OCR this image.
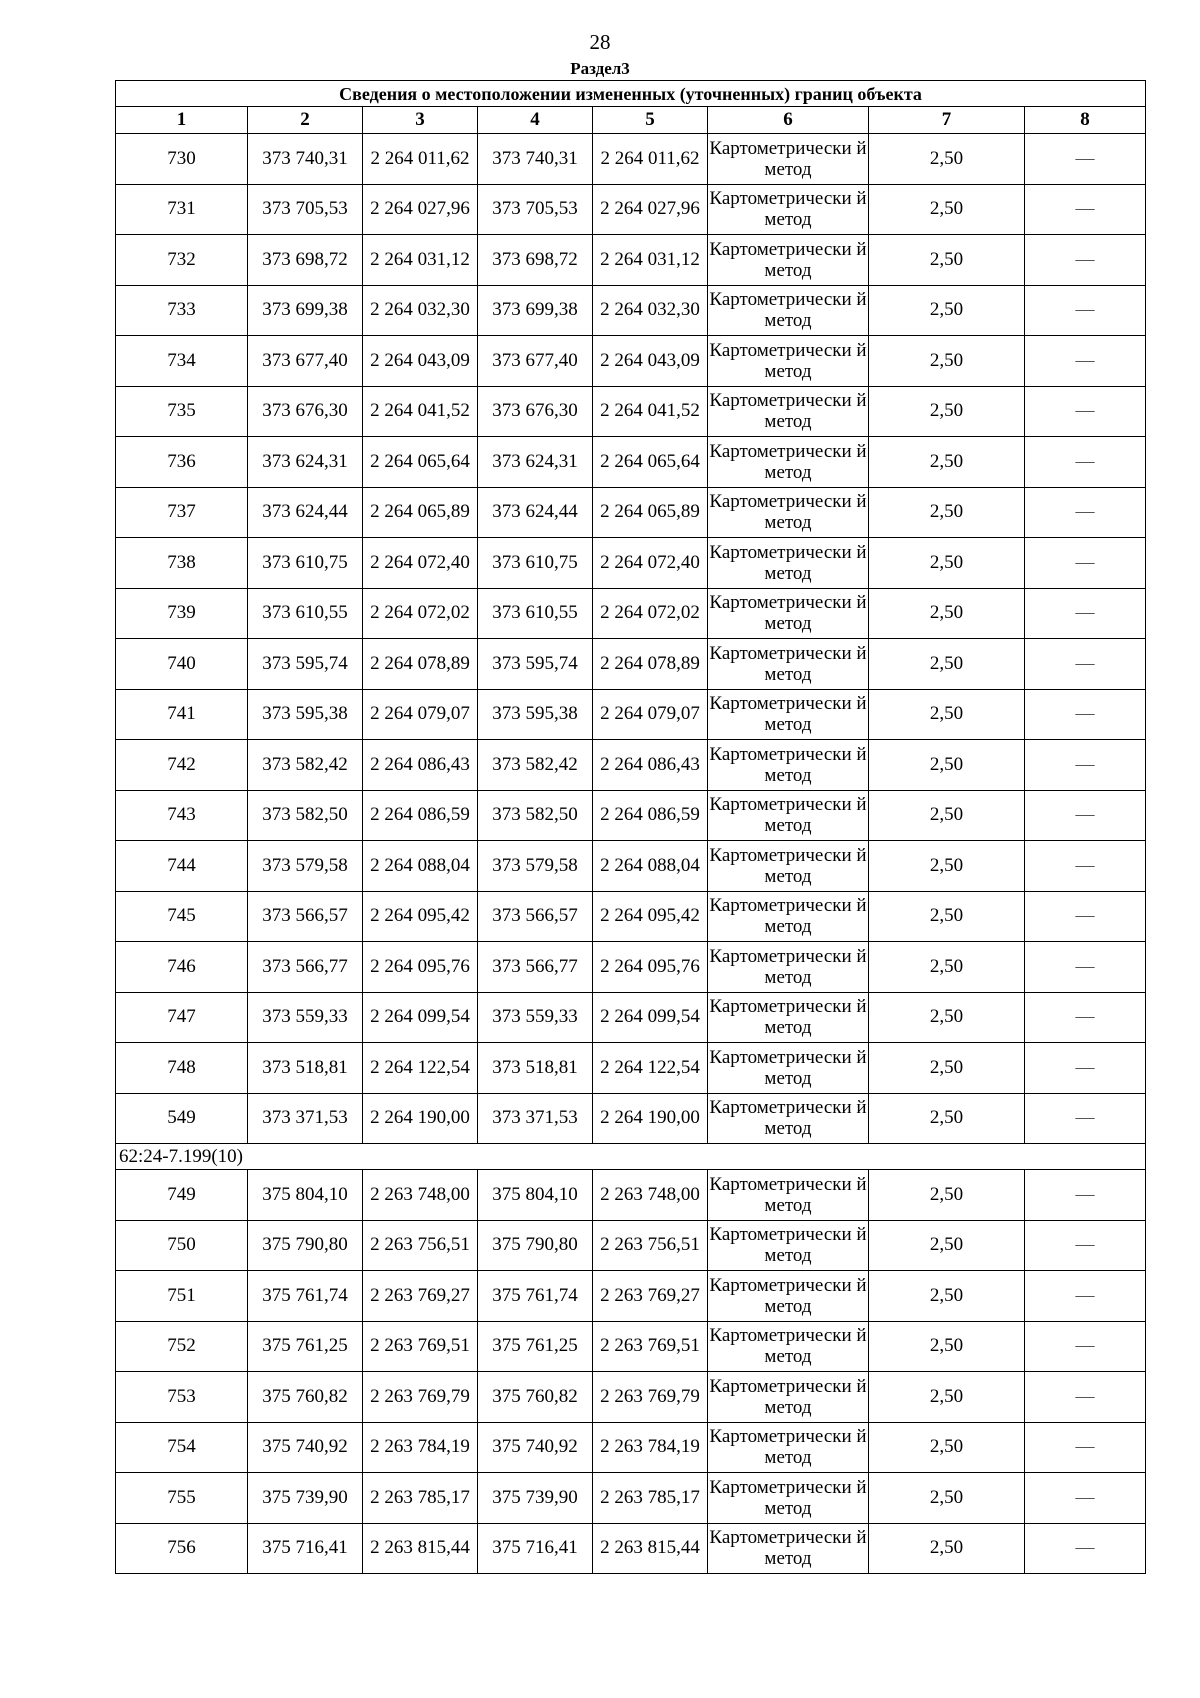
28
Раздел3
Сведения о местоположении измененных (уточненных) границ объекта							
1	2	3	4	5	6	7	8
730	373 740,31	2 264 011,62	373 740,31	2 264 011,62	Картометрически й метод	2,50	—
731	373 705,53	2 264 027,96	373 705,53	2 264 027,96	Картометрически й метод	2,50	—
732	373 698,72	2 264 031,12	373 698,72	2 264 031,12	Картометрически й метод	2,50	—
733	373 699,38	2 264 032,30	373 699,38	2 264 032,30	Картометрически й метод	2,50	—
734	373 677,40	2 264 043,09	373 677,40	2 264 043,09	Картометрически й метод	2,50	—
735	373 676,30	2 264 041,52	373 676,30	2 264 041,52	Картометрически й метод	2,50	—
736	373 624,31	2 264 065,64	373 624,31	2 264 065,64	Картометрически й метод	2,50	—
737	373 624,44	2 264 065,89	373 624,44	2 264 065,89	Картометрически й метод	2,50	—
738	373 610,75	2 264 072,40	373 610,75	2 264 072,40	Картометрически й метод	2,50	—
739	373 610,55	2 264 072,02	373 610,55	2 264 072,02	Картометрически й метод	2,50	—
740	373 595,74	2 264 078,89	373 595,74	2 264 078,89	Картометрически й метод	2,50	—
741	373 595,38	2 264 079,07	373 595,38	2 264 079,07	Картометрически й метод	2,50	—
742	373 582,42	2 264 086,43	373 582,42	2 264 086,43	Картометрически й метод	2,50	—
743	373 582,50	2 264 086,59	373 582,50	2 264 086,59	Картометрически й метод	2,50	—
744	373 579,58	2 264 088,04	373 579,58	2 264 088,04	Картометрически й метод	2,50	—
745	373 566,57	2 264 095,42	373 566,57	2 264 095,42	Картометрически й метод	2,50	—
746	373 566,77	2 264 095,76	373 566,77	2 264 095,76	Картометрически й метод	2,50	—
747	373 559,33	2 264 099,54	373 559,33	2 264 099,54	Картометрически й метод	2,50	—
748	373 518,81	2 264 122,54	373 518,81	2 264 122,54	Картометрически й метод	2,50	—
549	373 371,53	2 264 190,00	373 371,53	2 264 190,00	Картометрически й метод	2,50	—
62:24-7.199(10)							
749	375 804,10	2 263 748,00	375 804,10	2 263 748,00	Картометрически й метод	2,50	—
750	375 790,80	2 263 756,51	375 790,80	2 263 756,51	Картометрически й метод	2,50	—
751	375 761,74	2 263 769,27	375 761,74	2 263 769,27	Картометрически й метод	2,50	—
752	375 761,25	2 263 769,51	375 761,25	2 263 769,51	Картометрически й метод	2,50	—
753	375 760,82	2 263 769,79	375 760,82	2 263 769,79	Картометрически й метод	2,50	—
754	375 740,92	2 263 784,19	375 740,92	2 263 784,19	Картометрически й метод	2,50	—
755	375 739,90	2 263 785,17	375 739,90	2 263 785,17	Картометрически й метод	2,50	—
756	375 716,41	2 263 815,44	375 716,41	2 263 815,44	Картометрически й метод	2,50	—
